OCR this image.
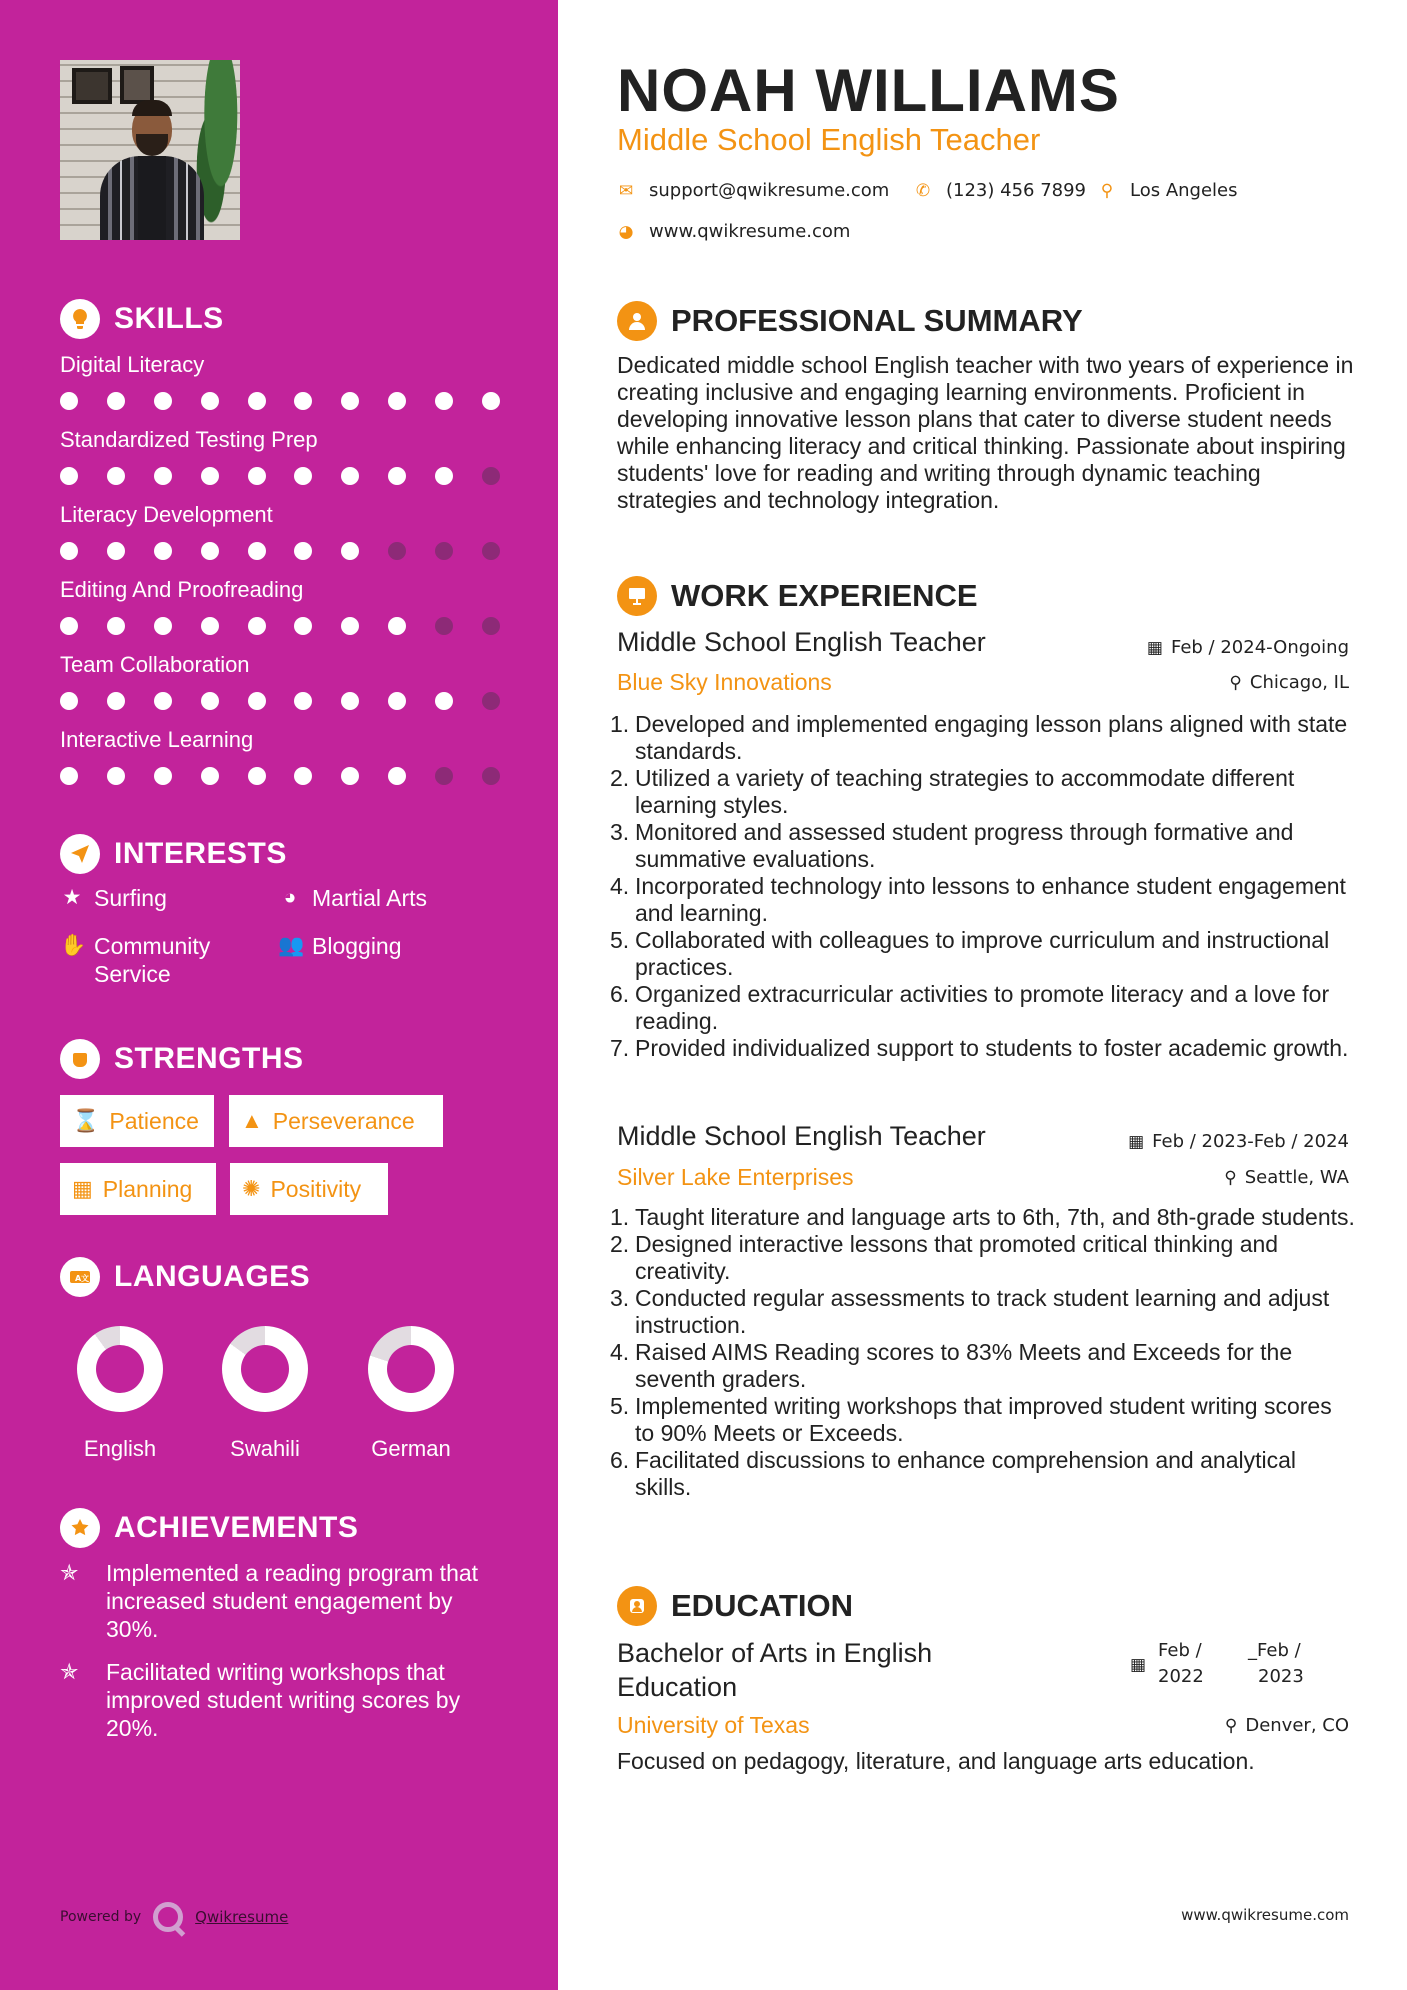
SKILLS
Digital Literacy
Standardized Testing Prep
Literacy Development
Editing And Proofreading
Team Collaboration
Interactive Learning
INTERESTS
★ Surfing	◕ Martial Arts
✋ Community Service
👥 Blogging
STRENGTHS
⌛ Patience ▲ Perseverance
▦ Planning ✺ Positivity
A 文 LANGUAGES
English	Swahili	German
ACHIEVEMENTS
✯	Implemented a reading program that increased student engagement by 30%.
✯	Facilitated writing workshops that improved student writing scores by 20%.
Powered by	Qwikresume
NOAH WILLIAMS
Middle School English Teacher
✉ support@qwikresume.com ✆ (123) 456 7899 ⚲ Los Angeles
◕ www.qwikresume.com
PROFESSIONAL SUMMARY
Dedicated middle school English teacher with two years of experience in creating inclusive and engaging learning environments. Proficient in developing innovative lesson plans that cater to diverse student needs while enhancing literacy and critical thinking. Passionate about inspiring students' love for reading and writing through dynamic teaching strategies and technology integration.
WORK EXPERIENCE
Middle School English Teacher
Blue Sky Innovations
▦ Feb / 2024-Ongoing
⚲ Chicago, IL
Developed and implemented engaging lesson plans aligned with state standards.
Utilized a variety of teaching strategies to accommodate different learning styles.
Monitored and assessed student progress through formative and summative evaluations.
Incorporated technology into lessons to enhance student engagement and learning.
Collaborated with colleagues to improve curriculum and instructional practices.
Organized extracurricular activities to promote literacy and a love for reading.
Provided individualized support to students to foster academic growth.
Middle School English Teacher
Silver Lake Enterprises
▦ Feb / 2023-Feb / 2024
⚲ Seattle, WA
Taught literature and language arts to 6th, 7th, and 8th-grade students.
Designed interactive lessons that promoted critical thinking and creativity.
Conducted regular assessments to track student learning and adjust instruction.
Raised AIMS Reading scores to 83% Meets and Exceeds for the seventh graders.
Implemented writing workshops that improved student writing scores to 90% Meets or Exceeds.
Facilitated discussions to enhance comprehension and analytical skills.
EDUCATION
Bachelor of Arts in English Education
▦
Feb /
2022
_Feb /
2023
University of Texas	⚲ Denver, CO
Focused on pedagogy, literature, and language arts education.
www.qwikresume.com
